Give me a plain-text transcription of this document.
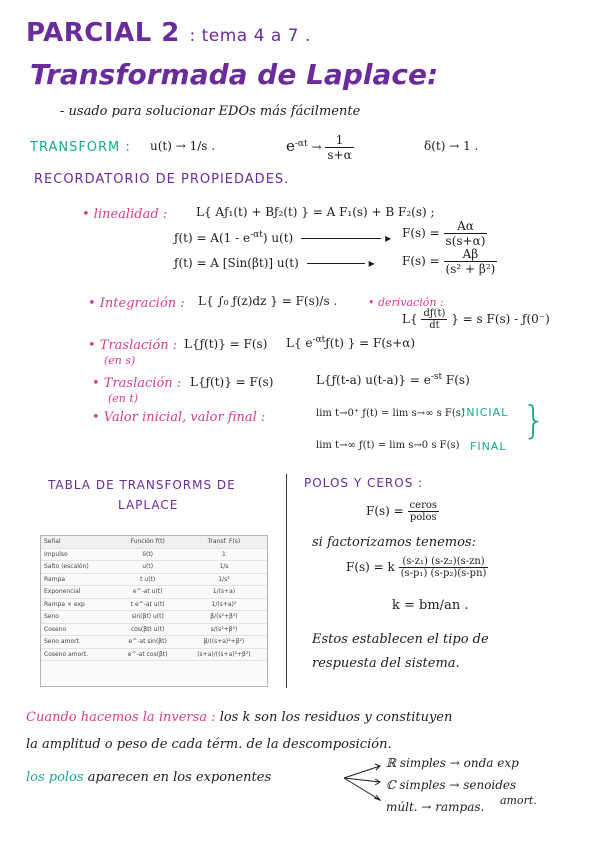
PARCIAL 2 : tema 4 a 7 .
Transformada de Laplace:
- usado para solucionar EDOs más fácilmente
TRANSFORM : u(t) → 1/s .	$e^{-\alpha t} \to \frac{1}{s+\alpha}$	δ(t) → 1 .
RECORDATORIO DE PROPIEDADES.
• linealidad : L{ Aƒ₁(t) + Bƒ₂(t) } = A F₁(s) + B F₂(s) ;
ƒ(t) = $A(1 - e^{-\alpha t})$ u(t)	▸ $F(s) = \frac{A\alpha}{s(s+\alpha)}$
ƒ(t) = A [Sin(βt)] u(t)	▸ $F(s) = \frac{A\beta}{\text{(s² + β²)}}$
• Integración : L{ ∫₀ ƒ(z)dz } = F(s)/s .	• derivación :
$L\{ \frac{dƒ(t)}{dt}$ } = s F(s) - ƒ(0⁻)
• Traslación :
(en s)
L{ƒ(t)} = F(s) L{ $e^{-\alpha t}ƒ(t)$ } = F(s+α)
• Traslación :
(en t)
L{ƒ(t)} = F(s)	L{ƒ(t-a) $u(t-a)\} = e^{-st}$ F(s)
• Valor inicial, valor final :	lim t→0⁺ ƒ(t) = lim s→∞ s F(s)
INICIAL
lim t→∞ ƒ(t) = lim s→0 s F(s) FINAL
}
TABLA DE TRANSFORMS DE
LAPLACE
Señal	Función f(t)	Transf. F(s)
Impulso	δ(t)	1
Salto (escalón)	u(t)	1/s
Rampa	t u(t)	1/s²
Exponencial	e^-at u(t)	1/(s+a)
Rampa × exp	t e^-at u(t)	1/(s+a)²
Seno	sin(βt) u(t)	β/(s²+β²)
Coseno	cos(βt) u(t)	s/(s²+β²)
Seno amort.	e^-at sin(βt)	β/((s+a)²+β²)
Coseno amort.	e^-at cos(βt)	(s+a)/((s+a)²+β²)
POLOS Y CEROS :
$F(s) = \frac{\text{ceros}}{\text{polos}}$
si factorizamos tenemos:
F(s) = k $\frac{\text{(s-z₁) (s-z₂)(s-zn)}}{\text{(s-p₁) (s-p₂)(s-pn)}}$
k = bm/an .
Estos establecen el tipo de
respuesta del sistema.
Cuando hacemos la inversa : los k son los residuos y constituyen
la amplitud o peso de cada térm. de la descomposición.
los polos aparecen en los exponentes
ℝ simples → onda exp
ℂ simples → senoides
amort.
múlt. → rampas.
